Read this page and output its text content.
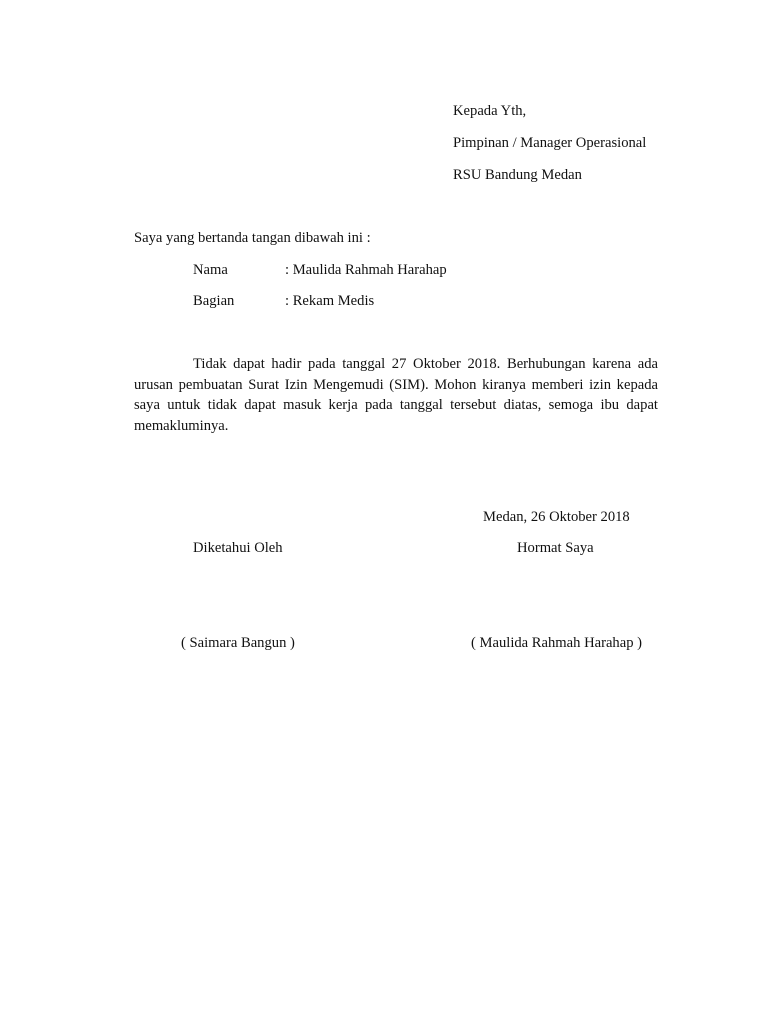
Kepada Yth,
Pimpinan / Manager Operasional
RSU Bandung Medan
Saya yang bertanda tangan dibawah ini :
Nama	: Maulida Rahmah Harahap
Bagian	: Rekam Medis

Tidak dapat hadir pada tanggal 27 Oktober 2018. Berhubungan karena ada urusan pembuatan Surat Izin Mengemudi (SIM). Mohon kiranya memberi izin kepada saya untuk tidak dapat masuk kerja pada tanggal tersebut diatas, semoga ibu dapat memakluminya.

Medan, 26 Oktober 2018
Diketahui Oleh	Hormat Saya
( Saimara Bangun )	( Maulida Rahmah Harahap )
